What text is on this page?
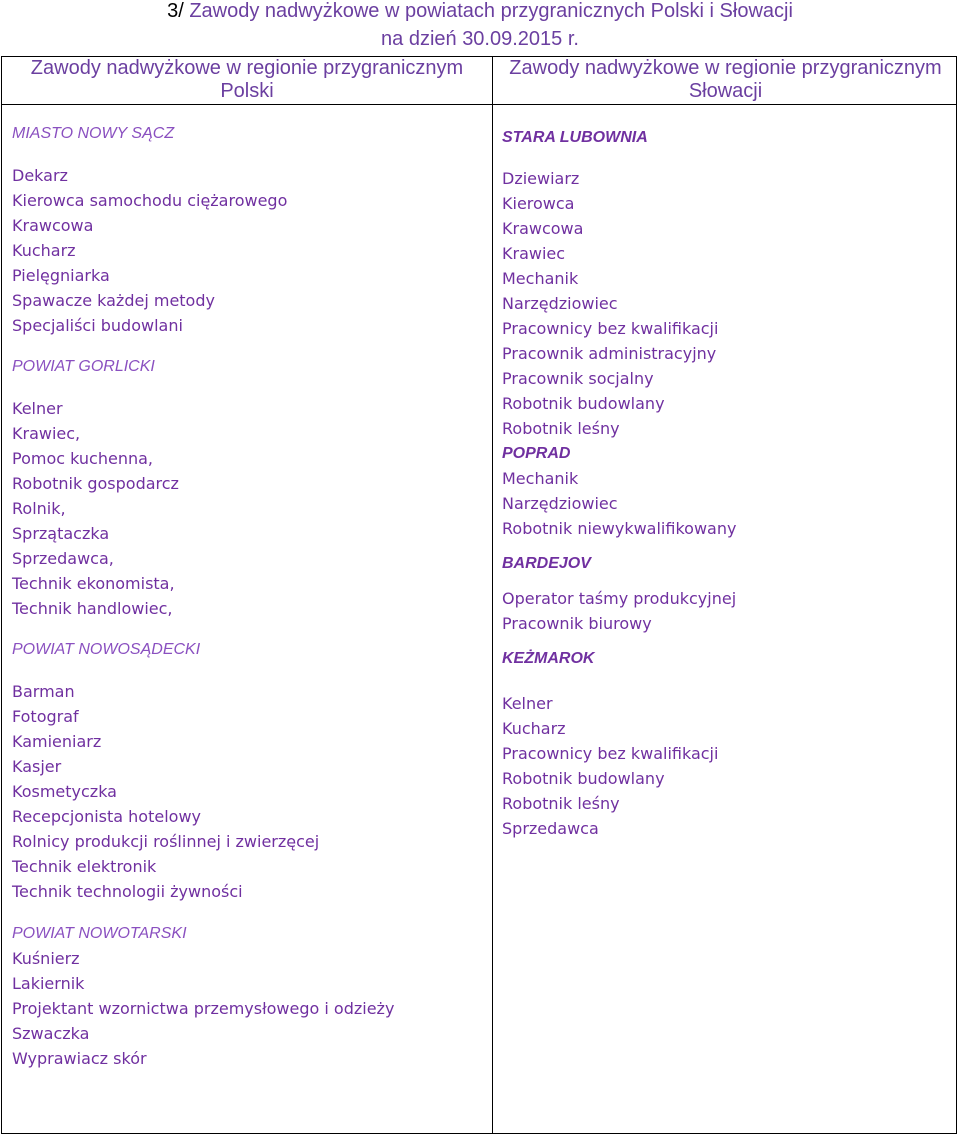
3/ Zawody nadwyżkowe w powiatach przygranicznych Polski i Słowacji
na dzień 30.09.2015 r.
Zawody nadwyżkowe w regionie przygranicznym Polski
Zawody nadwyżkowe w regionie przygranicznym Słowacji
MIASTO NOWY SĄCZ
Dekarz
Kierowca samochodu ciężarowego
Krawcowa
Kucharz
Pielęgniarka
Spawacze każdej metody
Specjaliści budowlani
POWIAT GORLICKI
Kelner
Krawiec,
Pomoc kuchenna,
Robotnik gospodarcz
Rolnik,
Sprzątaczka
Sprzedawca,
Technik ekonomista,
Technik handlowiec,
POWIAT NOWOSĄDECKI
Barman
Fotograf
Kamieniarz
Kasjer
Kosmetyczka
Recepcjonista hotelowy
Rolnicy produkcji roślinnej i zwierzęcej
Technik elektronik
Technik technologii żywności
POWIAT NOWOTARSKI
Kuśnierz
Lakiernik
Projektant wzornictwa przemysłowego i odzieży
Szwaczka
Wyprawiacz skór
STARA LUBOWNIA
Dziewiarz
Kierowca
Krawcowa
Krawiec
Mechanik
Narzędziowiec
Pracownicy bez kwalifikacji
Pracownik administracyjny
Pracownik socjalny
Robotnik budowlany
Robotnik leśny
POPRAD
Mechanik
Narzędziowiec
Robotnik niewykwalifikowany
BARDEJOV
Operator taśmy produkcyjnej
Pracownik biurowy
KEŻMAROK
Kelner
Kucharz
Pracownicy bez kwalifikacji
Robotnik budowlany
Robotnik leśny
Sprzedawca
